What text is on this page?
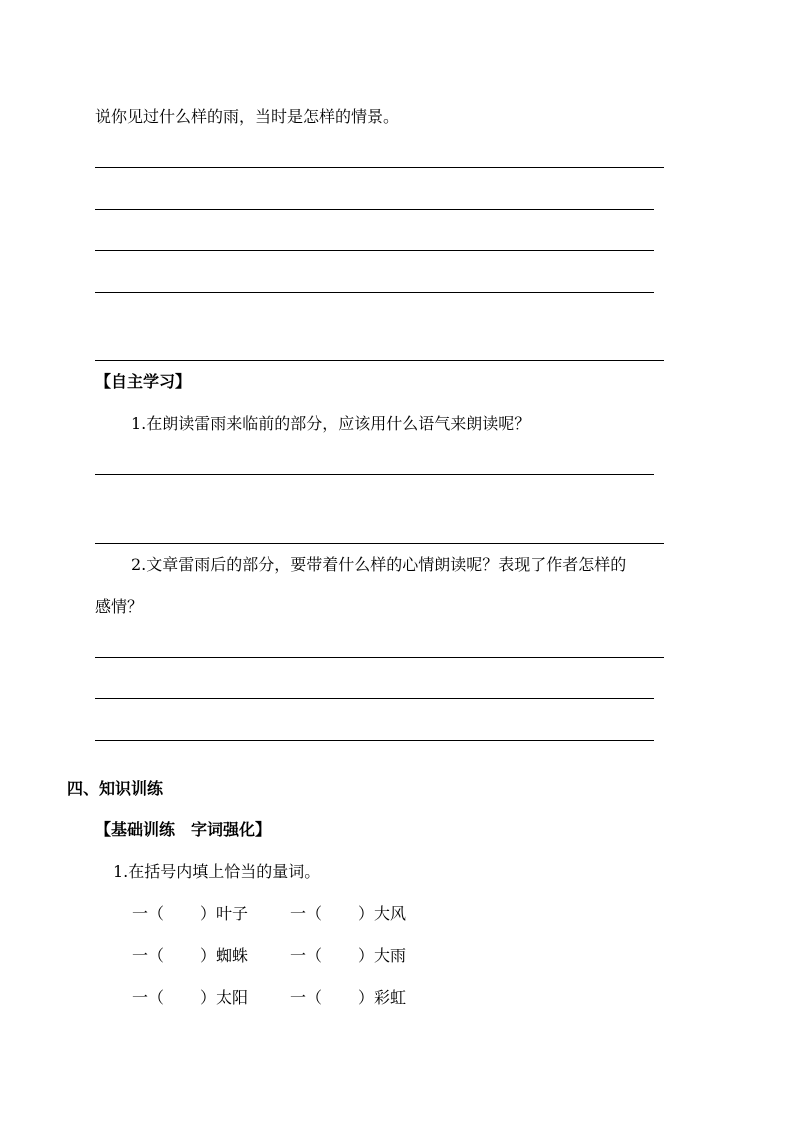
说你见过什么样的雨，当时是怎样的情景。
【自主学习】
1.在朗读雷雨来临前的部分，应该用什么语气来朗读呢？
2.文章雷雨后的部分，要带着什么样的心情朗读呢？表现了作者怎样的
感情？
四、知识训练
【基础训练　字词强化】
1.在括号内填上恰当的量词。
一（ ）叶子	一（ ）大风
一（ ）蜘蛛	一（ ）大雨
一（ ）太阳	一（ ）彩虹
